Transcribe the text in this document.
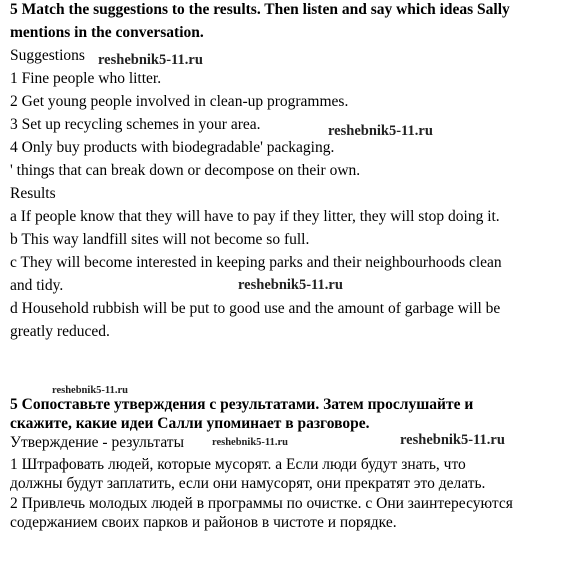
5 Match the suggestions to the results. Then listen and say which ideas Sally
mentions in the conversation.
Suggestions
1 Fine people who litter.
2 Get young people involved in clean-up programmes.
3 Set up recycling schemes in your area.
4 Only buy products with biodegradable' packaging.
' things that can break down or decompose on their own.
Results
a If people know that they will have to pay if they litter, they will stop doing it.
b This way landfill sites will not become so full.
c They will become interested in keeping parks and their neighbourhoods clean
and tidy.
d Household rubbish will be put to good use and the amount of garbage will be
greatly reduced.
5 Сопоставьте утверждения с результатами. Затем прослушайте и
скажите, какие идеи Салли упоминает в разговоре.
Утверждение - результаты
1 Штрафовать людей, которые мусорят. а Если люди будут знать, что
должны будут заплатить, если они намусорят, они прекратят это делать.
2 Привлечь молодых людей в программы по очистке. с Они заинтересуются
содержанием своих парков и районов в чистоте и порядке.
reshebnik5-11.ru
reshebnik5-11.ru
reshebnik5-11.ru
reshebnik5-11.ru
reshebnik5-11.ru	reshebnik5-11.ru
